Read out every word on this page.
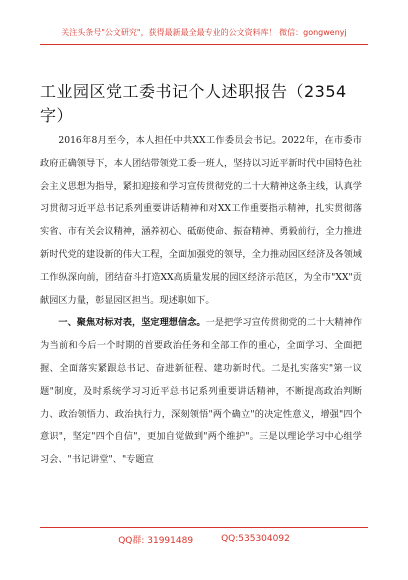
关注头条号"公文研究"，获得最新最全最专业的公文资料库！ 微信：gongwenyj
工业园区党工委书记个人述职报告（2354字）

2016年8月至今，本人担任中共XX工作委员会书记。2022年，在市委市政府正确领导下，本人团结带领党工委一班人，坚持以习近平新时代中国特色社会主义思想为指导，紧扣迎接和学习宣传贯彻党的二十大精神这条主线，认真学习贯彻习近平总书记系列重要讲话精神和对XX工作重要指示精神，扎实贯彻落实省、市有关会议精神，涵养初心、砥砺使命、振奋精神、勇毅前行，全力推进新时代党的建设新的伟大工程，全面加强党的领导，全力推动园区经济及各领域工作纵深向前，团结奋斗打造XX高质量发展的园区经济示范区，为全市"XX"贡献园区力量，彰显园区担当。现述职如下。

一、聚焦对标对表，坚定理想信念。一是把学习宣传贯彻党的二十大精神作为当前和今后一个时期的首要政治任务和全部工作的重心，全面学习、全面把握、全面落实紧跟总书记、奋进新征程、建功新时代。二是扎实落实"第一议题"制度，及时系统学习习近平总书记系列重要讲话精神，不断提高政治判断力、政治领悟力、政治执行力，深刻领悟"两个确立"的决定性意义，增强"四个意识"，坚定"四个自信"，更加自觉做到"两个维护"。三是以理论学习中心组学习会、"书记讲堂"、"专题宣

QQ群: 31991489	QQ:535304092
